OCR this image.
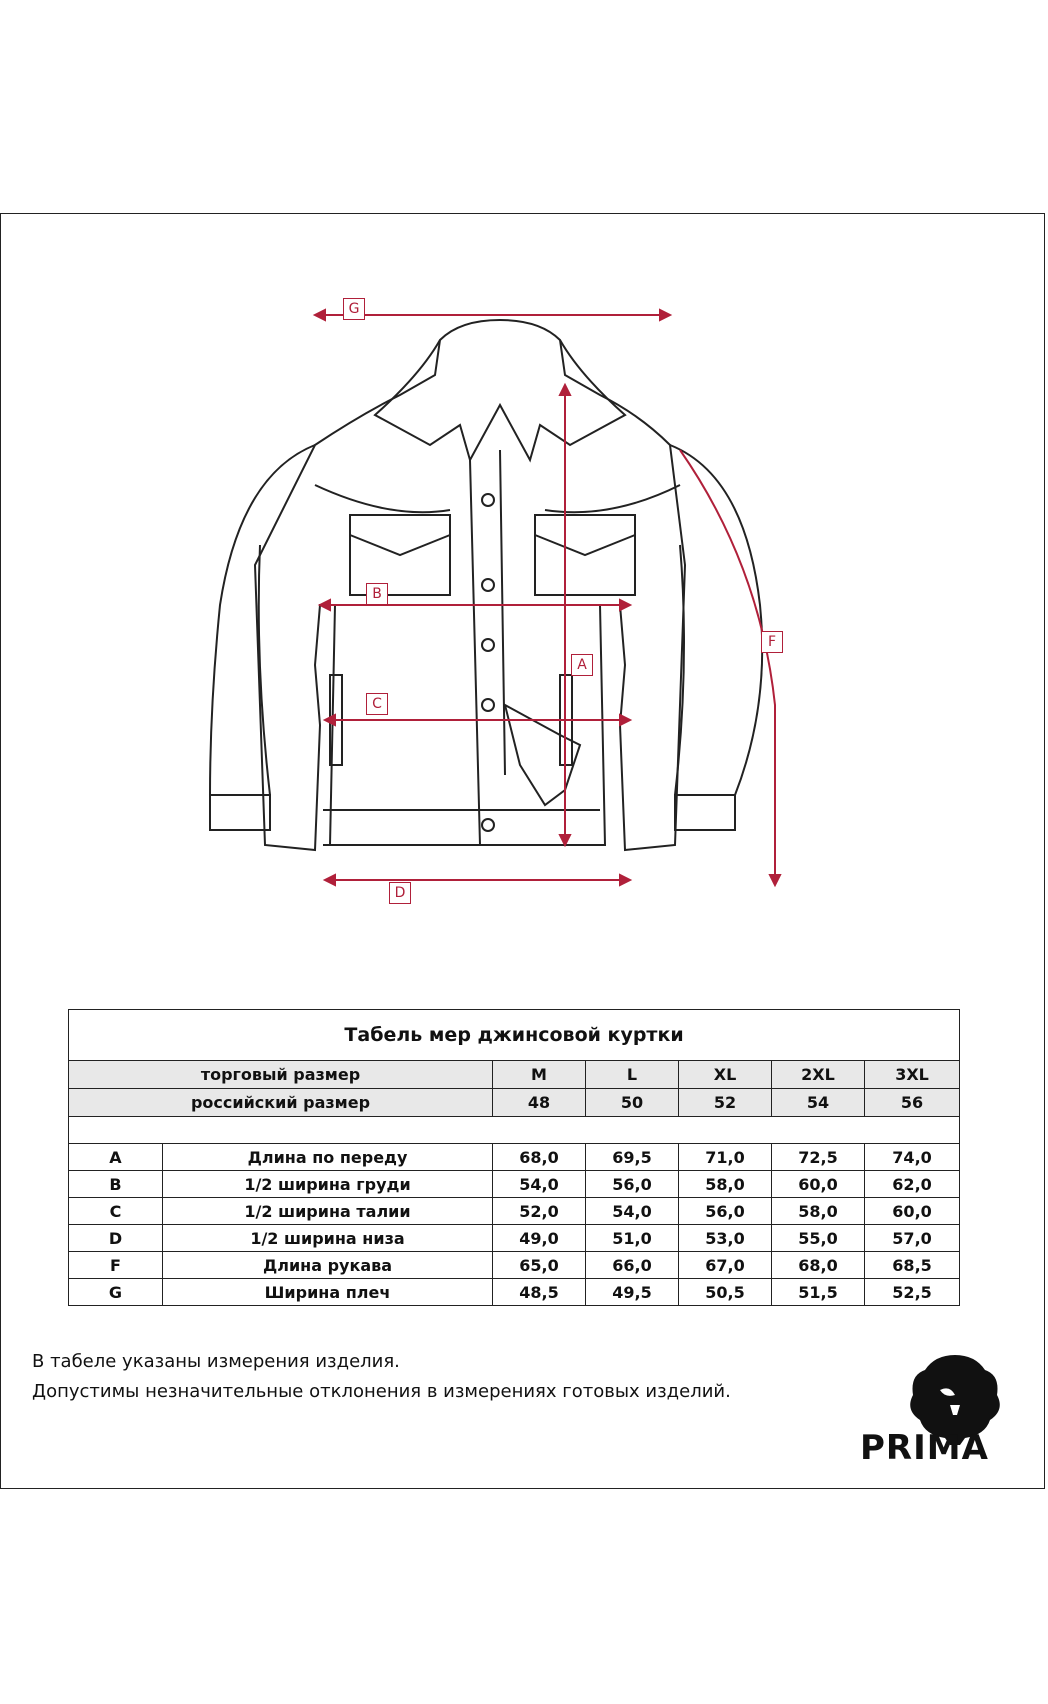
G
B
C
A
F
D
Табель мер джинсовой куртки						
торговый размер		M	L	XL	2XL	3XL
российский размер		48	50	52	54	56

A	Длина по переду	68,0	69,5	71,0	72,5	74,0
B	1/2 ширина груди	54,0	56,0	58,0	60,0	62,0
C	1/2 ширина талии	52,0	54,0	56,0	58,0	60,0
D	1/2 ширина низа	49,0	51,0	53,0	55,0	57,0
F	Длина рукава	65,0	66,0	67,0	68,0	68,5
G	Ширина плеч	48,5	49,5	50,5	51,5	52,5
В табеле указаны измерения изделия.
Допустимы незначительные отклонения в измерениях готовых изделий.
PRIMA
